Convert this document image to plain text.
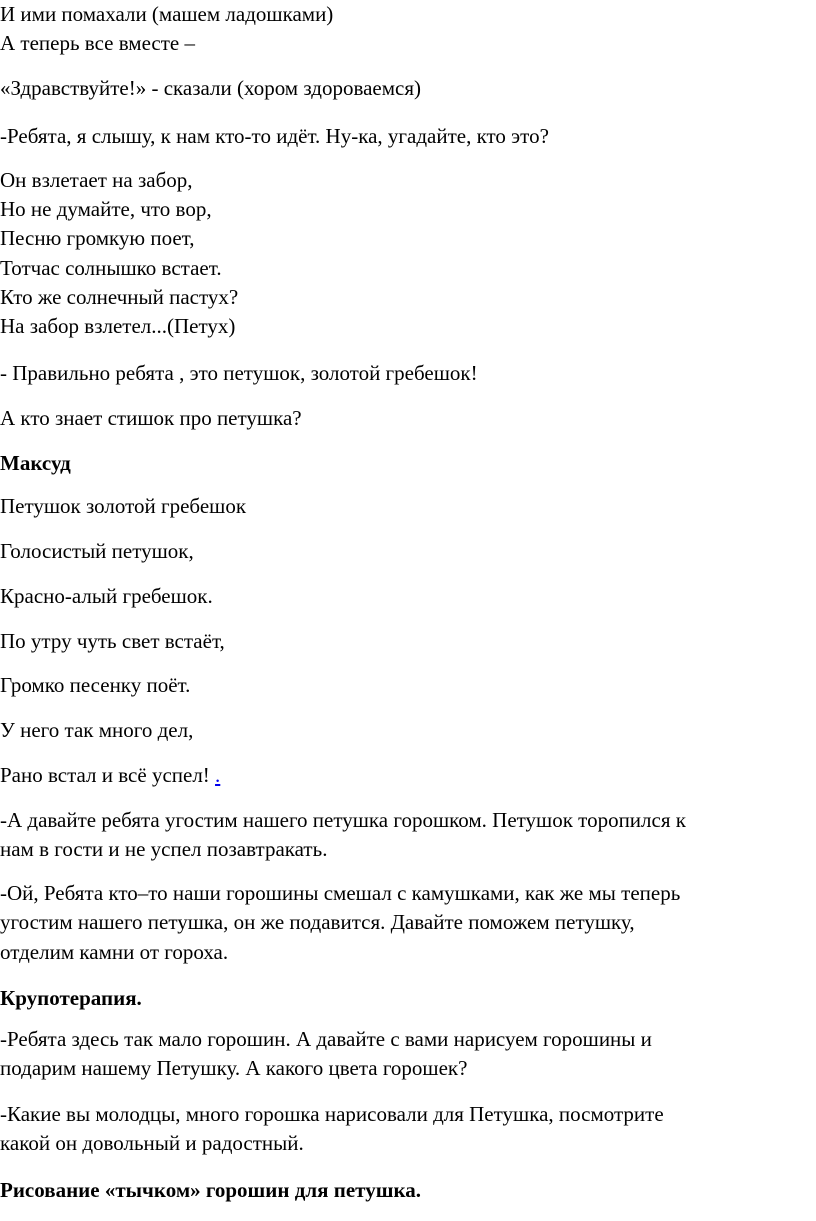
И ими помахали (машем ладошками)
А теперь все вместе –
«Здравствуйте!» - сказали (хором здороваемся)
-Ребята, я слышу, к нам кто-то идёт. Ну-ка, угадайте, кто это?
Он взлетает на забор,
Но не думайте, что вор,
Песню громкую поет,
Тотчас солнышко встает.
Кто же солнечный пастух?
На забор взлетел...(Петух)
- Правильно ребята , это петушок, золотой гребешок!
А кто знает стишок про петушка?
Максуд
Петушок золотой гребешок
Голосистый петушок,
Красно-алый гребешок.
По утру чуть свет встаёт,
Громко песенку поёт.
У него так много дел,
Рано встал и всё успел! .
-А давайте ребята угостим нашего петушка горошком. Петушок торопился к
нам в гости и не успел позавтракать.
-Ой, Ребята кто–то наши горошины смешал с камушками, как же мы теперь
угостим нашего петушка, он же подавится. Давайте поможем петушку,
отделим камни от гороха.
Крупотерапия.
-Ребята здесь так мало горошин. А давайте с вами нарисуем горошины и
подарим нашему Петушку. А какого цвета горошек?
-Какие вы молодцы, много горошка нарисовали для Петушка, посмотрите
какой он довольный и радостный.
Рисование «тычком» горошин для петушка.
